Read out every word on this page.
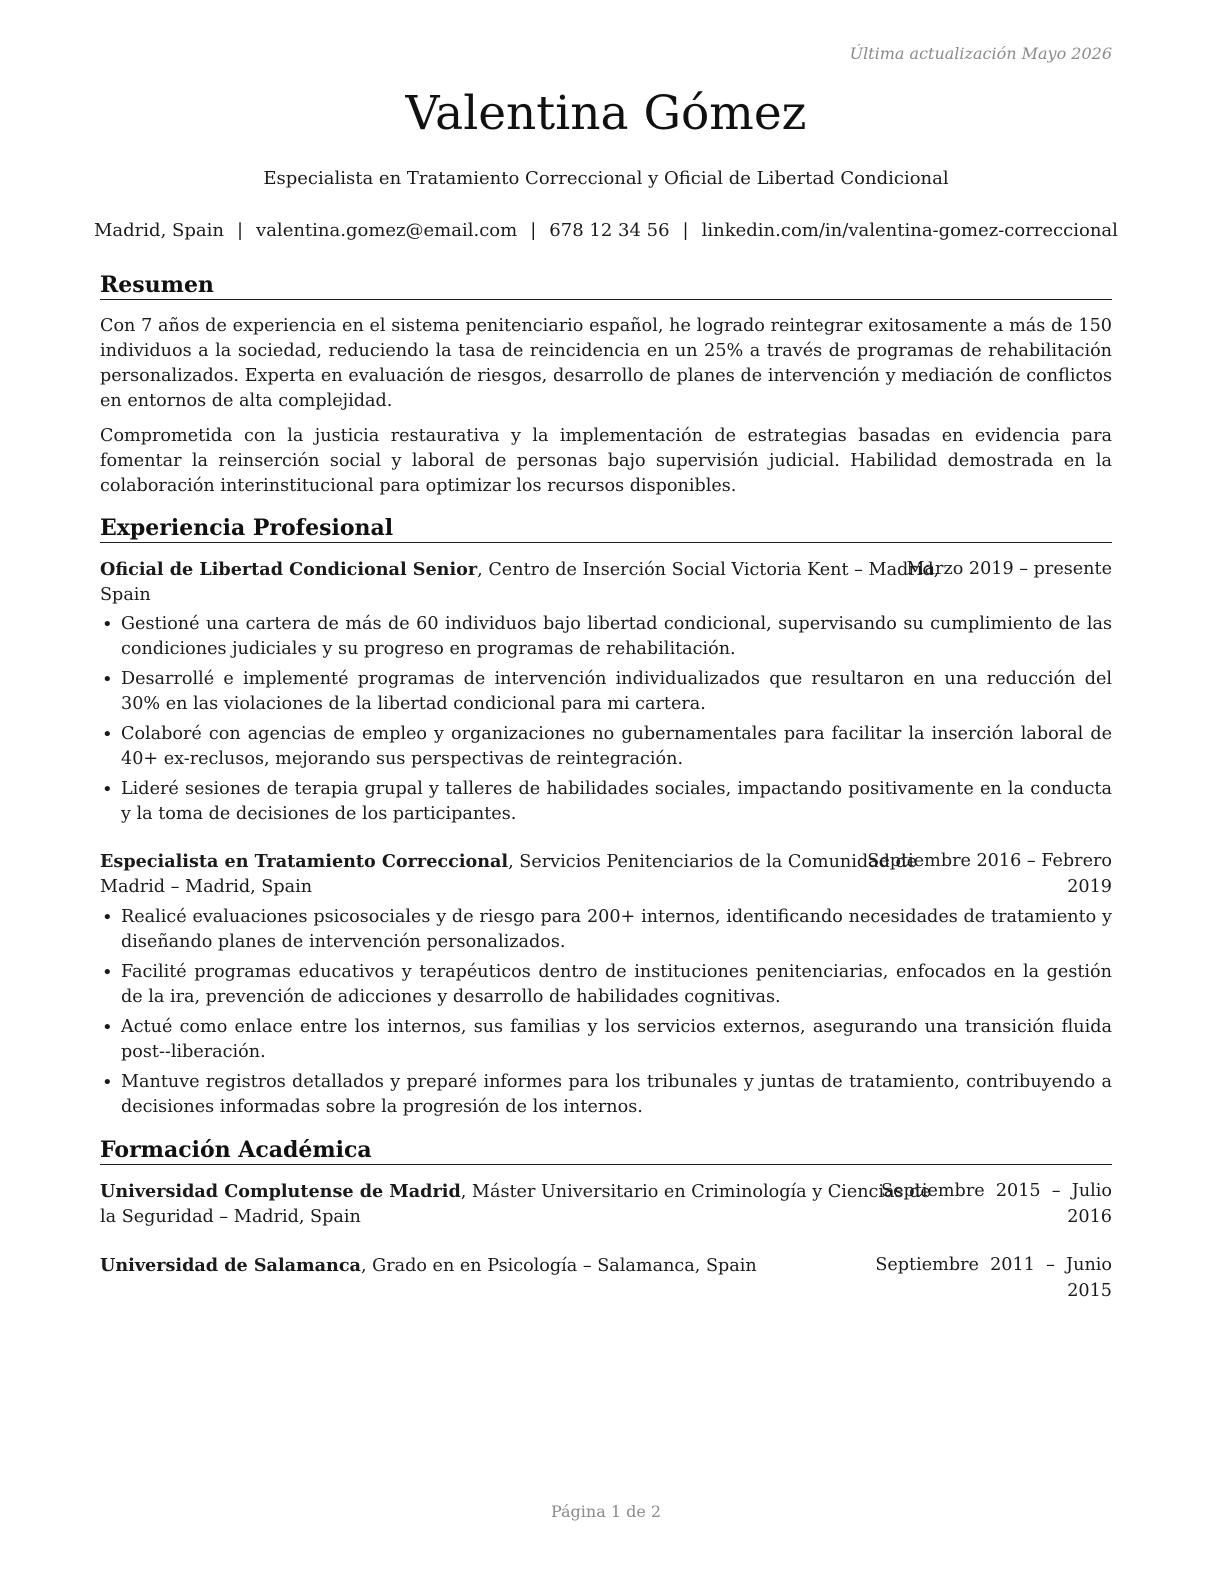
Última actualización Mayo 2026
Valentina Gómez
Especialista en Tratamiento Correccional y Oficial de Libertad Condicional
Madrid, Spain | valentina.gomez@email.com | 678 12 34 56 | linkedin.com/in/valentina-gomez-correccional
Resumen

Con 7 años de experiencia en el sistema penitenciario español, he logrado reintegrar exitosamente a más de 150 individuos a la sociedad, reduciendo la tasa de reincidencia en un 25% a través de programas de rehabilitación personalizados. Experta en evaluación de riesgos, desarrollo de planes de intervención y mediación de conflictos en entornos de alta complejidad.

Comprometida con la justicia restaurativa y la implementación de estrategias basadas en evidencia para fomentar la reinserción social y laboral de personas bajo supervisión judicial. Habilidad demostrada en la colaboración interinstitucional para optimizar los recursos disponibles.

Experiencia Profesional
Oficial de Libertad Condicional Senior, Centro de Inserción Social Victoria Kent – Madrid,
Spain
Marzo 2019 – presente
• Gestioné una cartera de más de 60 individuos bajo libertad condicional, supervisando su cumplimiento de las condiciones judiciales y su progreso en programas de rehabilitación.
• Desarrollé e implementé programas de intervención individualizados que resultaron en una reducción del 30% en las violaciones de la libertad condicional para mi cartera.
• Colaboré con agencias de empleo y organizaciones no gubernamentales para facilitar la inserción laboral de 40+ ex-reclusos, mejorando sus perspectivas de reintegración.
• Lideré sesiones de terapia grupal y talleres de habilidades sociales, impactando positivamente en la conducta y la toma de decisiones de los participantes.
Especialista en Tratamiento Correccional, Servicios Penitenciarios de la Comunidad de
Madrid – Madrid, Spain
Septiembre 2016 – Febrero
2019
• Realicé evaluaciones psicosociales y de riesgo para 200+ internos, identificando necesidades de tratamiento y diseñando planes de intervención personalizados.
• Facilité programas educativos y terapéuticos dentro de instituciones penitenciarias, enfocados en la gestión de la ira, prevención de adicciones y desarrollo de habilidades cognitivas.
• Actué como enlace entre los internos, sus familias y los servicios externos, asegurando una transición fluida post--liberación.
• Mantuve registros detallados y preparé informes para los tribunales y juntas de tratamiento, contribuyendo a decisiones informadas sobre la progresión de los internos.
Formación Académica
Universidad Complutense de Madrid, Máster Universitario en Criminología y Ciencias de
la Seguridad – Madrid, Spain
Septiembre  2015  –  Julio
2016
Universidad de Salamanca, Grado en en Psicología – Salamanca, Spain	Septiembre  2011  –  Junio
2015
Página 1 de 2
